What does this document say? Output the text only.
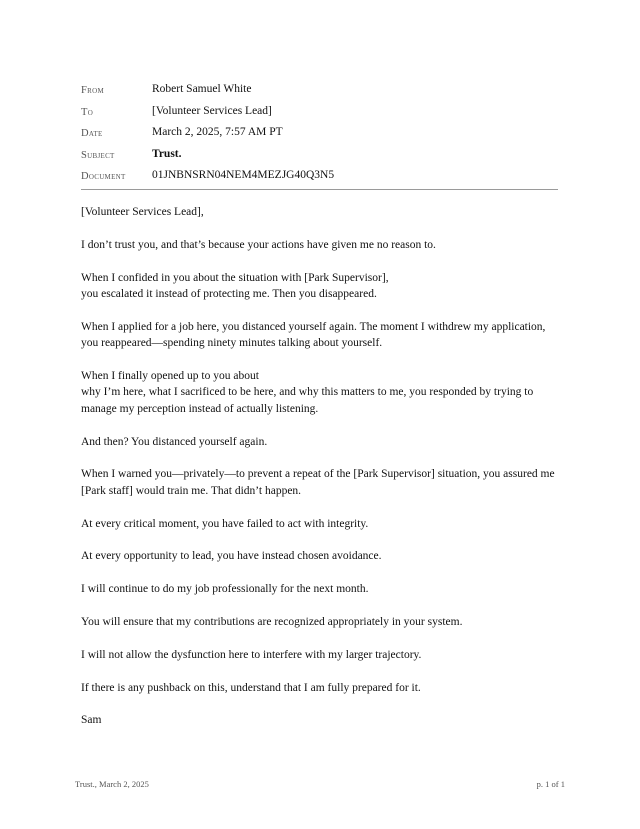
From	Robert Samuel White
To	[Volunteer Services Lead]
Date	March 2, 2025, 7:57 AM PT
Subject	Trust.
Document	01JNBNSRN04NEM4MEZJG40Q3N5

[Volunteer Services Lead],

I don’t trust you, and that’s because your actions have given me no reason to.

When I confided in you about the situation with [Park Supervisor],
you escalated it instead of protecting me. Then you disappeared.

When I applied for a job here, you distanced yourself again. The moment I withdrew my application, you reappeared—spending ninety minutes talking about yourself.

When I finally opened up to you about
why I’m here, what I sacrificed to be here, and why this matters to me, you responded by trying to manage my perception instead of actually listening.

And then? You distanced yourself again.

When I warned you—privately—to prevent a repeat of the [Park Supervisor] situation, you assured me [Park staff] would train me. That didn’t happen.

At every critical moment, you have failed to act with integrity.

At every opportunity to lead, you have instead chosen avoidance.

I will continue to do my job professionally for the next month.

You will ensure that my contributions are recognized appropriately in your system.

I will not allow the dysfunction here to interfere with my larger trajectory.

If there is any pushback on this, understand that I am fully prepared for it.

Sam

Trust., March 2, 2025	p. 1 of 1
